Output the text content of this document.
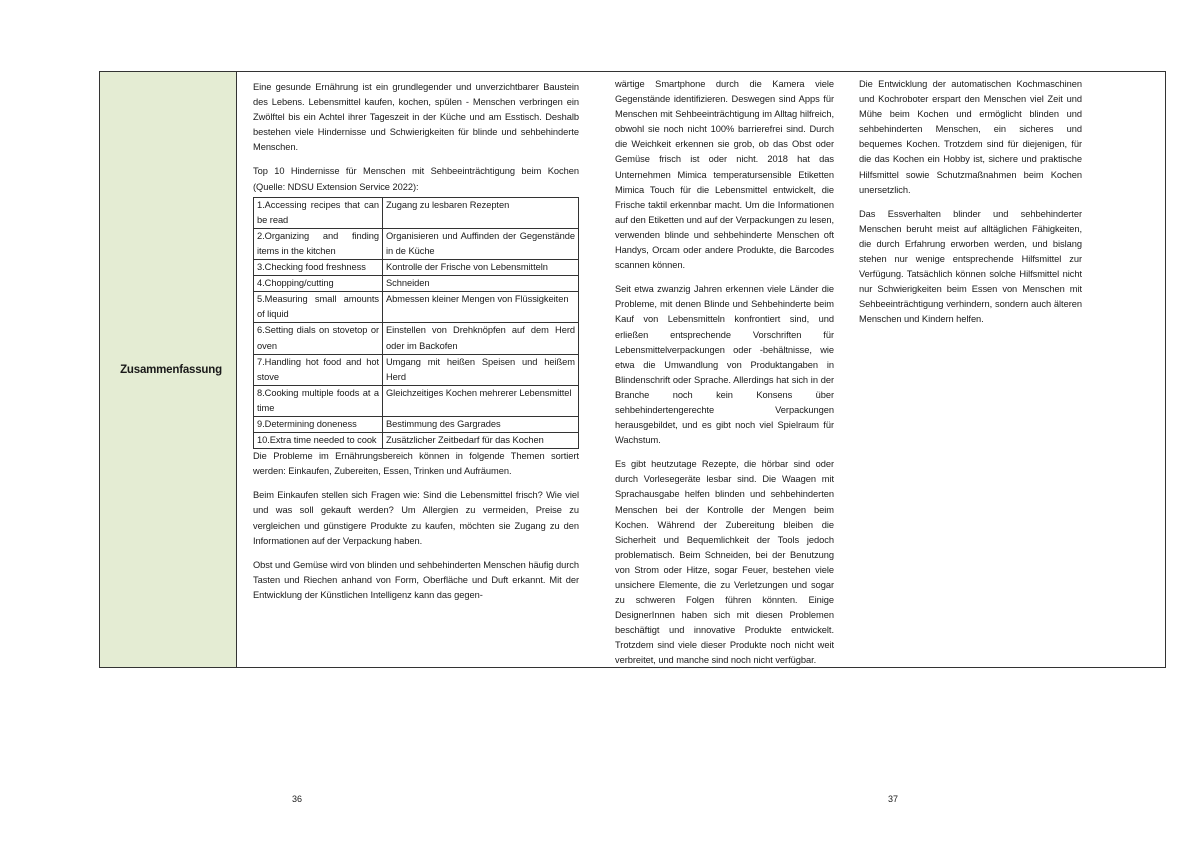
Zusammenfassung

Eine gesunde Ernährung ist ein grundlegender und unverzichtbarer Baustein des Lebens. Lebensmittel kaufen, kochen, spülen - Menschen verbringen ein Zwölftel bis ein Achtel ihrer Tageszeit in der Küche und am Esstisch. Deshalb bestehen viele Hindernisse und Schwierigkeiten für blinde und sehbehinderte Menschen.

Top 10 Hindernisse für Menschen mit Sehbeeinträchtigung beim Kochen (Quelle: NDSU Extension Service 2022):

1.Accessing recipes that can be read	Zugang zu lesbaren Rezepten
2.Organizing and finding items in the kitchen	Organisieren und Auffinden der Gegenstände in de Küche
3.Checking food freshness	Kontrolle der Frische von Lebensmitteln
4.Chopping/cutting	Schneiden
5.Measuring small amounts of liquid	Abmessen kleiner Mengen von Flüssigkeiten
6.Setting dials on stovetop or oven	Einstellen von Drehknöpfen auf dem Herd oder im Backofen
7.Handling hot food and hot stove	Umgang mit heißen Speisen und heißem Herd
8.Cooking multiple foods at a time	Gleichzeitiges Kochen mehrerer Lebensmittel
9.Determining doneness	Bestimmung des Gargrades
10.Extra time needed to cook	Zusätzlicher Zeitbedarf für das Kochen

Die Probleme im Ernährungsbereich können in folgende Themen sortiert werden: Einkaufen, Zubereiten, Essen, Trinken und Aufräumen.

Beim Einkaufen stellen sich Fragen wie: Sind die Lebensmittel frisch? Wie viel und was soll gekauft werden? Um Allergien zu vermeiden, Preise zu vergleichen und günstigere Produkte zu kaufen, möchten sie Zugang zu den Informationen auf der Verpackung haben.

Obst und Gemüse wird von blinden und sehbehinderten Menschen häufig durch Tasten und Riechen anhand von Form, Oberfläche und Duft erkannt. Mit der Entwicklung der Künstlichen Intelligenz kann das gegen-

wärtige Smartphone durch die Kamera viele Gegenstände identifizieren. Deswegen sind Apps für Menschen mit Sehbeeinträchtigung im Alltag hilfreich, obwohl sie noch nicht 100% barrierefrei sind. Durch die Weichkeit erkennen sie grob, ob das Obst oder Gemüse frisch ist oder nicht. 2018 hat das Unternehmen Mimica temperatursensible Etiketten Mimica Touch für die Lebensmittel entwickelt, die Frische taktil erkennbar macht. Um die Informationen auf den Etiketten und auf der Verpackungen zu lesen, verwenden blinde und sehbehinderte Menschen oft Handys, Orcam oder andere Produkte, die Barcodes scannen können.

Seit etwa zwanzig Jahren erkennen viele Länder die Probleme, mit denen Blinde und Sehbehinderte beim Kauf von Lebensmitteln konfrontiert sind, und erließen entsprechende Vorschriften für Lebensmittelverpackungen oder -behältnisse, wie etwa die Umwandlung von Produktangaben in Blindenschrift oder Sprache. Allerdings hat sich in der Branche noch kein Konsens über sehbehindertengerechte Verpackungen herausgebildet, und es gibt noch viel Spielraum für Wachstum.

Es gibt heutzutage Rezepte, die hörbar sind oder durch Vorlesegeräte lesbar sind. Die Waagen mit Sprachausgabe helfen blinden und sehbehinderten Menschen bei der Kontrolle der Mengen beim Kochen. Während der Zubereitung bleiben die Sicherheit und Bequemlichkeit der Tools jedoch problematisch. Beim Schneiden, bei der Benutzung von Strom oder Hitze, sogar Feuer, bestehen viele unsichere Elemente, die zu Verletzungen und sogar zu schweren Folgen führen könnten. Einige DesignerInnen haben sich mit diesen Problemen beschäftigt und innovative Produkte entwickelt. Trotzdem sind viele dieser Produkte noch nicht weit verbreitet, und manche sind noch nicht verfügbar.

Die Entwicklung der automatischen Kochmaschinen und Kochroboter erspart den Menschen viel Zeit und Mühe beim Kochen und ermöglicht blinden und sehbehinderten Menschen, ein sicheres und bequemes Kochen. Trotzdem sind für diejenigen, für die das Kochen ein Hobby ist, sichere und praktische Hilfsmittel sowie Schutzmaßnahmen beim Kochen unersetzlich.

Das Essverhalten blinder und sehbehinderter Menschen beruht meist auf alltäglichen Fähigkeiten, die durch Erfahrung erworben werden, und bislang stehen nur wenige entsprechende Hilfsmittel zur Verfügung. Tatsächlich können solche Hilfsmittel nicht nur Schwierigkeiten beim Essen von Menschen mit Sehbeeinträchtigung verhindern, sondern auch älteren Menschen und Kindern helfen.

36	37
